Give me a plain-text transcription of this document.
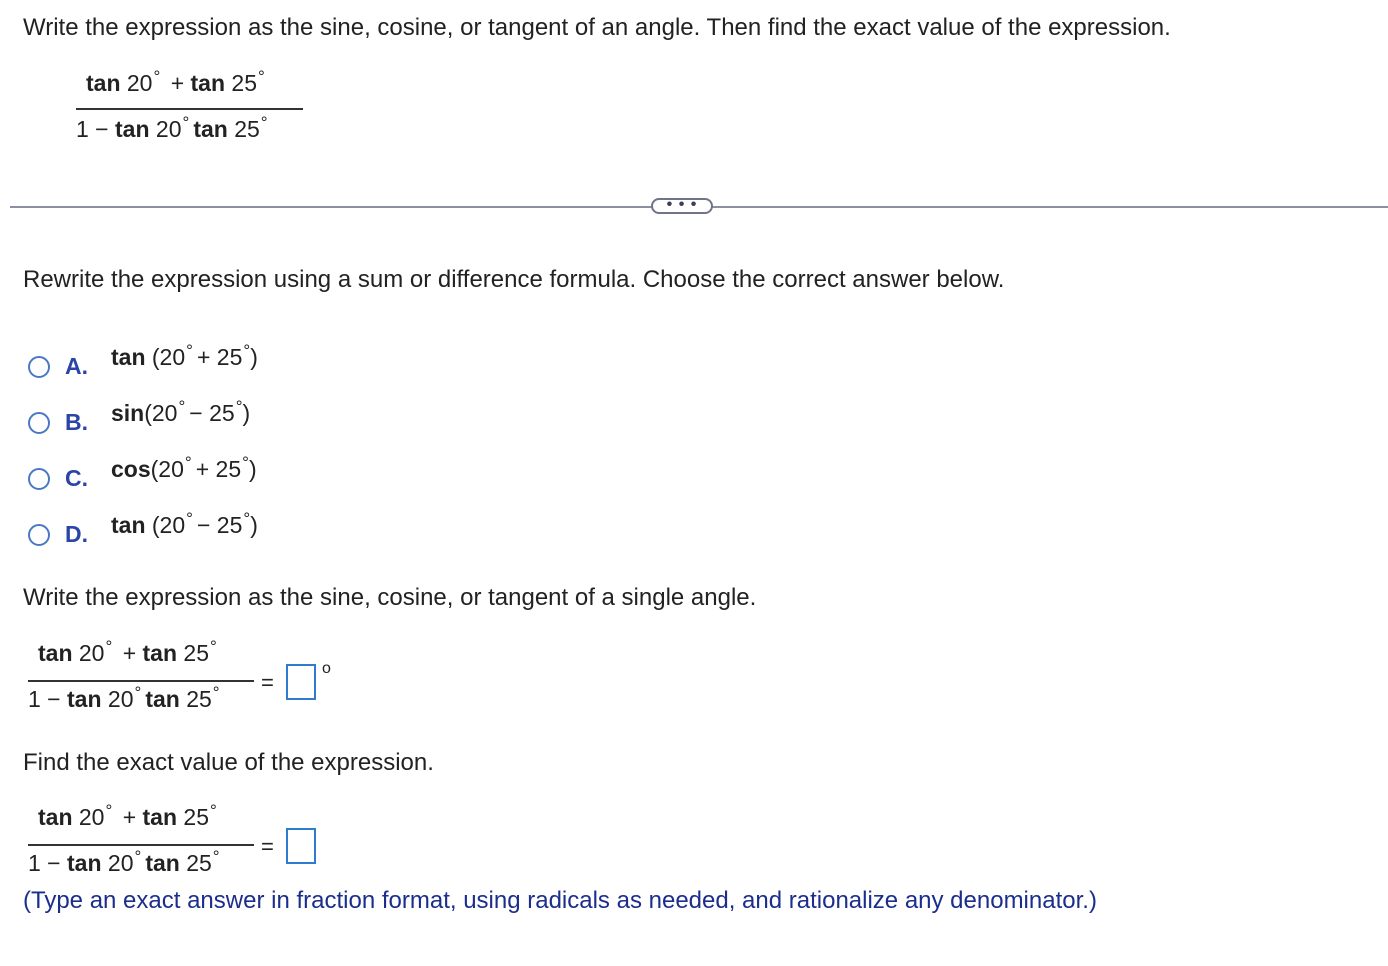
Write the expression as the sine, cosine, or tangent of an angle. Then find the exact value of the expression.
tan 20° + tan 25°
1 − tan 20° tan 25°
• • •
Rewrite the expression using a sum or difference formula. Choose the correct answer below.
A. tan (20° + 25°)
B. sin(20° − 25°)
C. cos(20° + 25°)
D. tan (20° − 25°)
Write the expression as the sine, cosine, or tangent of a single angle.
tan 20° + tan 25°
1 − tan 20° tan 25° =
o
Find the exact value of the expression.
tan 20° + tan 25°
1 − tan 20° tan 25° =
(Type an exact answer in fraction format, using radicals as needed, and rationalize any denominator.)
